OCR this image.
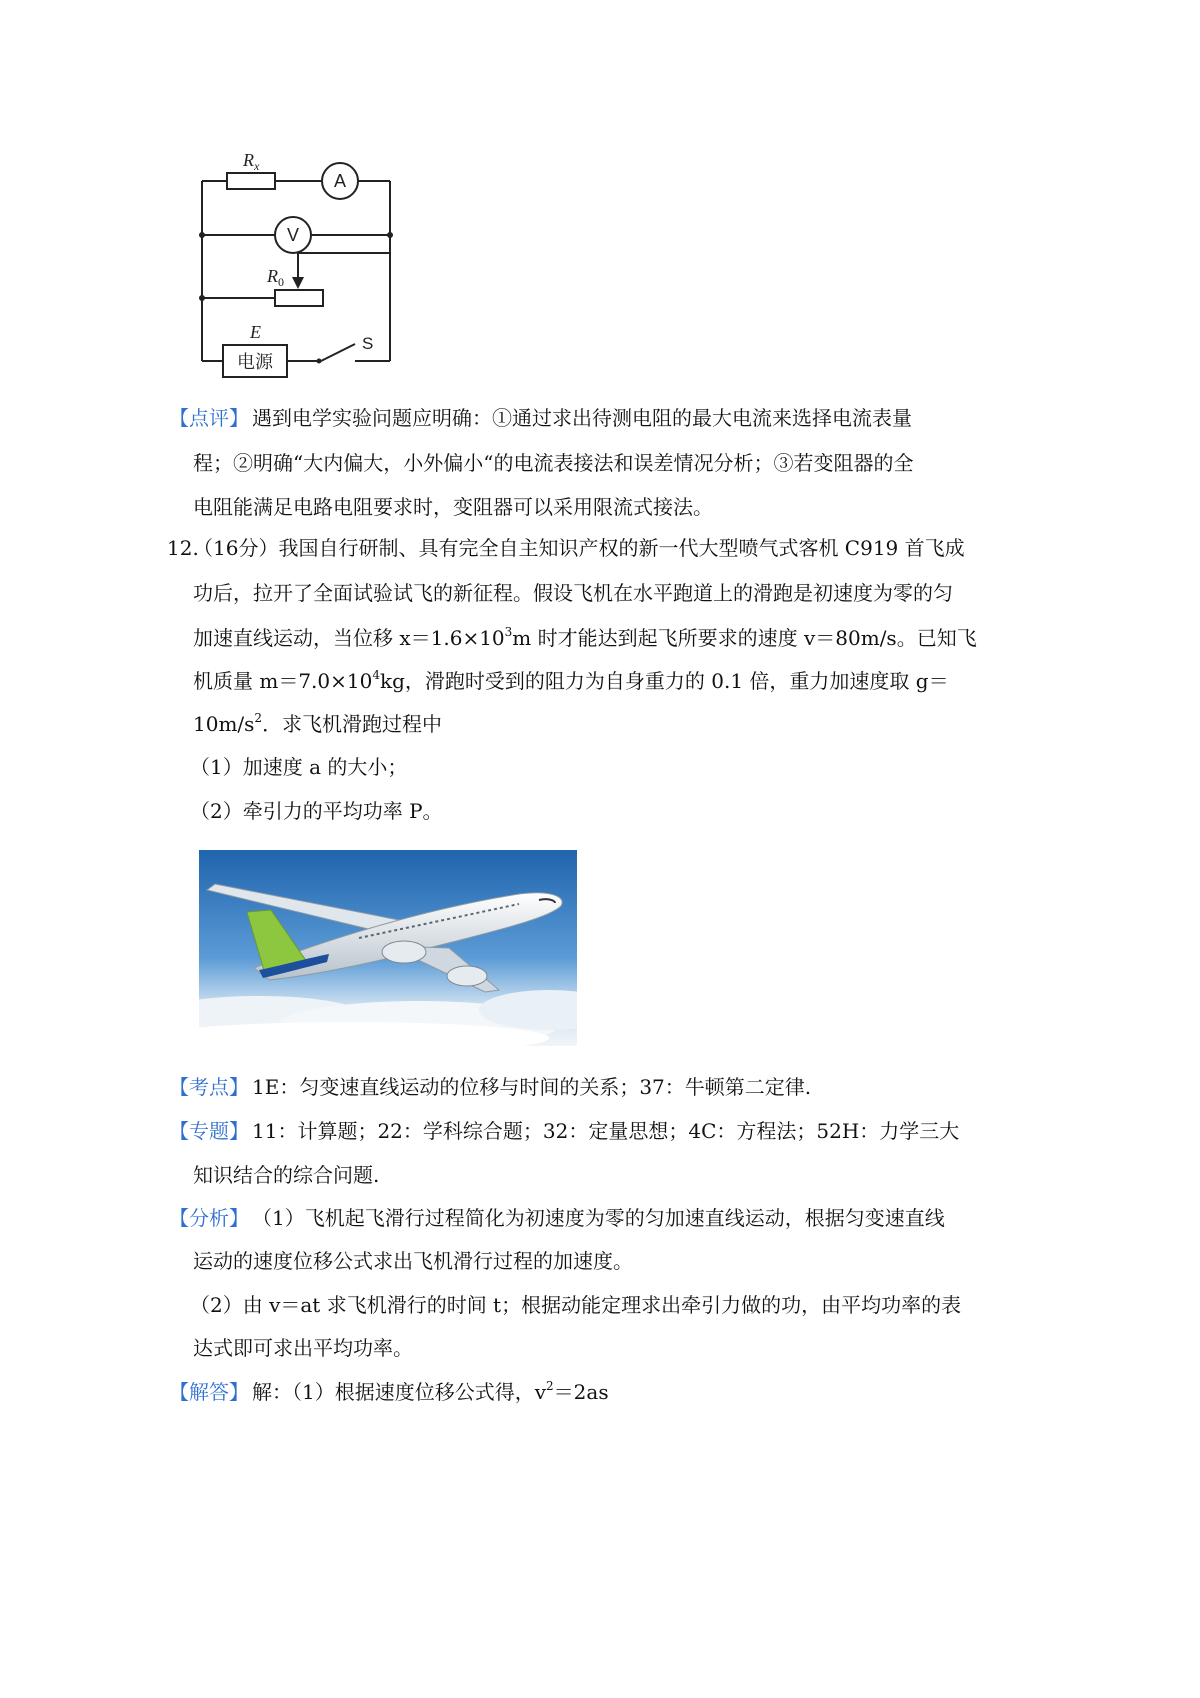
$R_x$
A
V
$R_0$
E
电源
S
【点评】 遇到电学实验问题应明确：①通过求出待测电阻的最大电流来选择电流表量
程；②明确“大内偏大，小外偏小“的电流表接法和误差情况分析；③若变阻器的全
电阻能满足电路电阻要求时，变阻器可以采用限流式接法。
12.
（16分）我国自行研制、具有完全自主知识产权的新一代大型喷气式客机 C919 首飞成
功后，拉开了全面试验试飞的新征程。假设飞机在水平跑道上的滑跑是初速度为零的匀
加速直线运动，当位移 $x=1.6\times 10^3m$ 时才能达到起飞所要求的速度 v＝80m/s。已知飞
机质量 $m=7.0\times 10^4kg$，滑跑时受到的阻力为自身重力的 0.1 倍，重力加速度取 g＝
$10m/s^2$．求飞机滑跑过程中
（1）加速度 a 的大小；
（2）牵引力的平均功率 P。
【考点】 1E：匀变速直线运动的位移与时间的关系；37：牛顿第二定律.
【专题】 11：计算题；22：学科综合题；32：定量思想；4C：方程法；52H：力学三大
知识结合的综合问题.
【分析】 （1）飞机起飞滑行过程简化为初速度为零的匀加速直线运动，根据匀变速直线
运动的速度位移公式求出飞机滑行过程的加速度。
（2）由 v＝at 求飞机滑行的时间 t；根据动能定理求出牵引力做的功，由平均功率的表
达式即可求出平均功率。
【解答】 解：（1）根据速度位移公式得，$v^2=2as$
